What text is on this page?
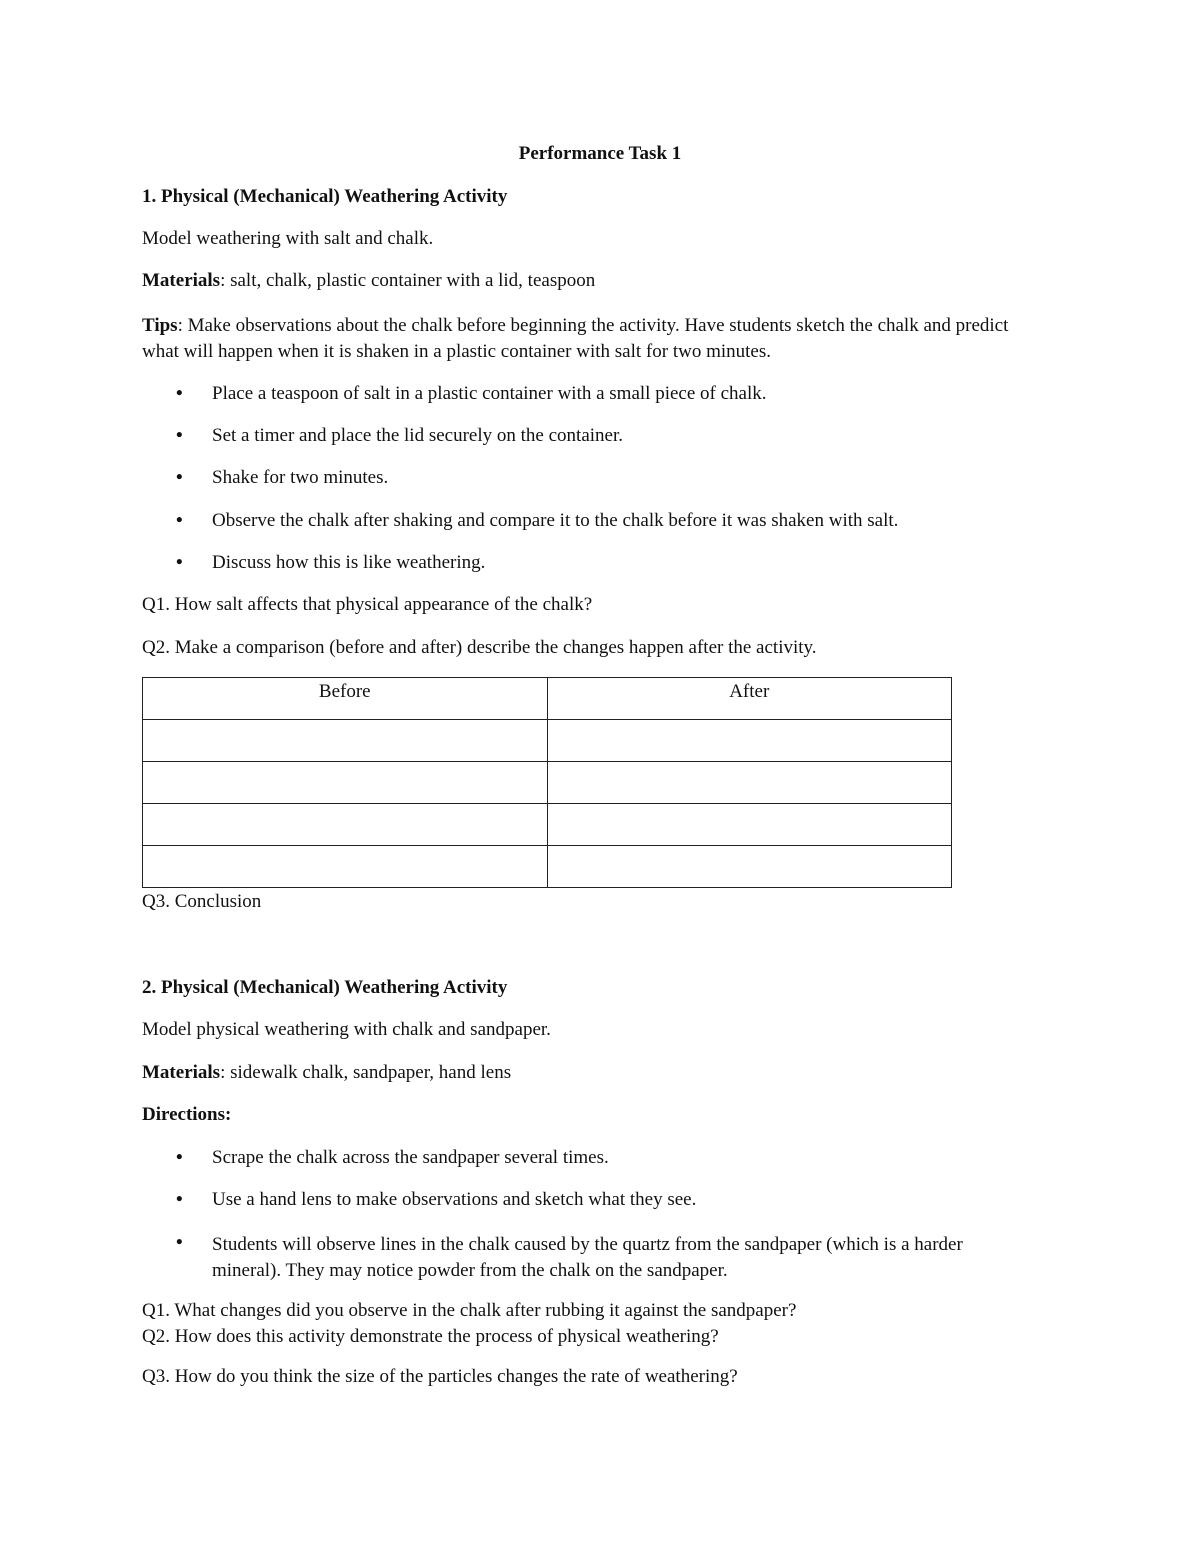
Performance Task 1
1. Physical (Mechanical) Weathering Activity
Model weathering with salt and chalk.
Materials: salt, chalk, plastic container with a lid, teaspoon
Tips: Make observations about the chalk before beginning the activity. Have students sketch the chalk and predict what will happen when it is shaken in a plastic container with salt for two minutes.
• Place a teaspoon of salt in a plastic container with a small piece of chalk.
• Set a timer and place the lid securely on the container.
• Shake for two minutes.
• Observe the chalk after shaking and compare it to the chalk before it was shaken with salt.
• Discuss how this is like weathering.
Q1. How salt affects that physical appearance of the chalk?
Q2. Make a comparison (before and after) describe the changes happen after the activity.
Before	After

Q3. Conclusion
2. Physical (Mechanical) Weathering Activity
Model physical weathering with chalk and sandpaper.
Materials: sidewalk chalk, sandpaper, hand lens
Directions:
• Scrape the chalk across the sandpaper several times.
• Use a hand lens to make observations and sketch what they see.
• Students will observe lines in the chalk caused by the quartz from the sandpaper (which is a harder mineral). They may notice powder from the chalk on the sandpaper.
Q1. What changes did you observe in the chalk after rubbing it against the sandpaper?
Q2. How does this activity demonstrate the process of physical weathering?
Q3. How do you think the size of the particles changes the rate of weathering?
